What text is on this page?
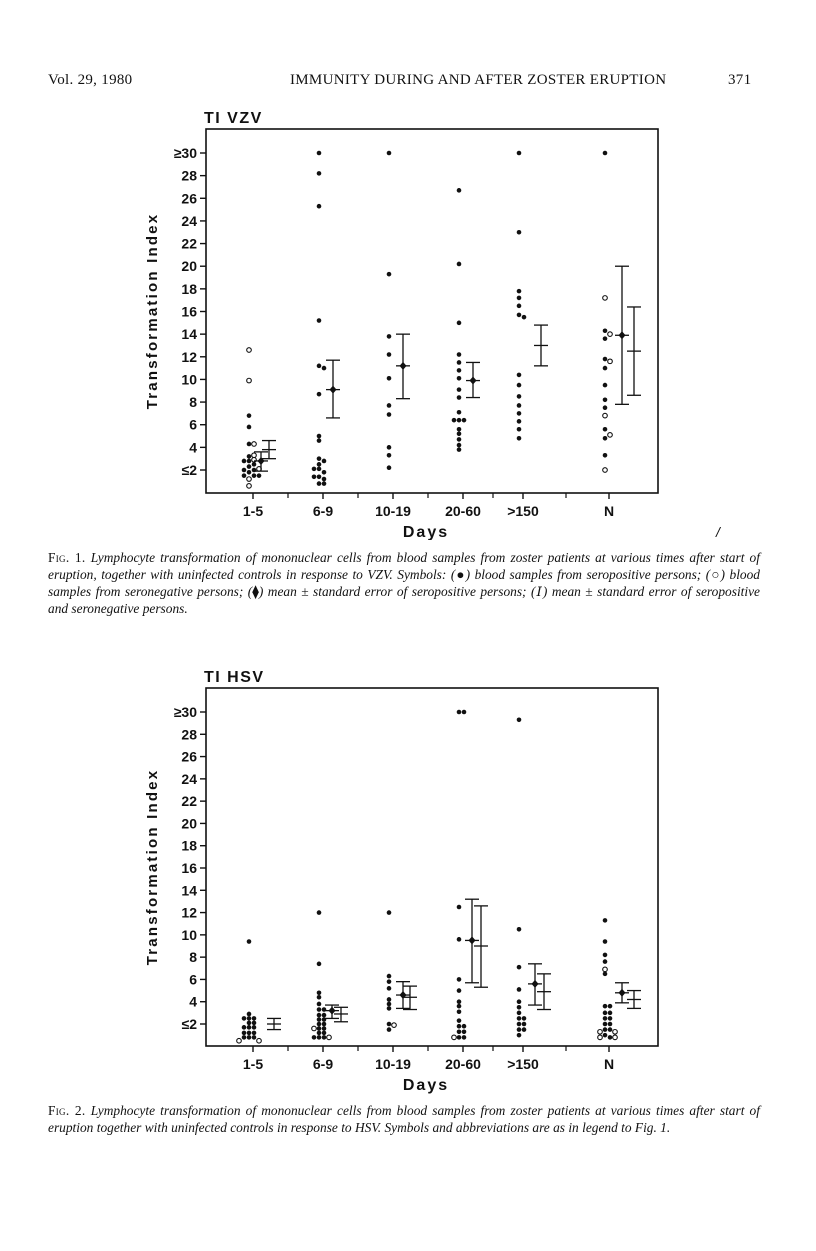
Vol. 29, 1980	IMMUNITY DURING AND AFTER ZOSTER ERUPTION	371
TI VZV
≤2
4
6
8
10
12
14
16
18
20
22
24
26
28
≥30
Transformation Index
1-5	6-9	10-19 20-60 >150	N
Days	/
Fig. 1. Lymphocyte transformation of mononuclear cells from blood samples from zoster patients at various times after start of eruption, together with uninfected controls in response to VZV. Symbols: (●) blood samples from seropositive persons; (○) blood samples from seronegative persons; (⧫) mean ± standard error of seropositive persons; (Ⅰ) mean ± standard error of seropositive and seronegative persons.
TI HSV
≤2
4
6
8
10
12
14
16
18
20
22
24
26
28
≥30
Transformation Index
1-5	6-9	10-19 20-60 >150	N
Days
Fig. 2. Lymphocyte transformation of mononuclear cells from blood samples from zoster patients at various times after start of eruption together with uninfected controls in response to HSV. Symbols and abbreviations are as in legend to Fig. 1.
